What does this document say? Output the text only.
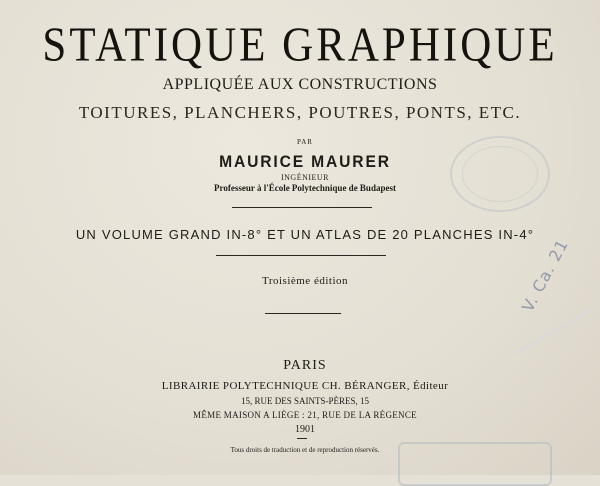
STATIQUE GRAPHIQUE
APPLIQUÉE AUX CONSTRUCTIONS
TOITURES, PLANCHERS, POUTRES, PONTS, ETC.
PAR
MAURICE MAURER
INGÉNIEUR
Professeur à l'École Polytechnique de Budapest
UN VOLUME GRAND IN-8° ET UN ATLAS DE 20 PLANCHES IN-4°
Troisième édition
PARIS
LIBRAIRIE POLYTECHNIQUE CH. BÉRANGER, Éditeur
15, RUE DES SAINTS-PÈRES, 15
MÊME MAISON A LIÈGE : 21, RUE DE LA RÉGENCE
1901
Tous droits de traduction et de reproduction réservés.
V. Ca. 21
